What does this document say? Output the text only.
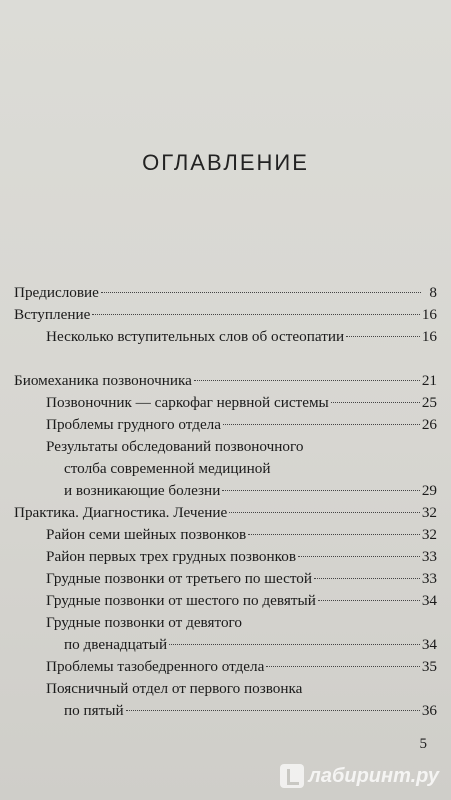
ОГЛАВЛЕНИЕ
Предисловие	8
Вступление	16
Несколько вступительных слов об остеопатии	16
Биомеханика позвоночника	21
Позвоночник — саркофаг нервной системы	25
Проблемы грудного отдела	26
Результаты обследований позвоночного
столба современной медициной
и возникающие болезни	29
Практика. Диагностика. Лечение	32
Район семи шейных позвонков	32
Район первых трех грудных позвонков	33
Грудные позвонки от третьего по шестой	33
Грудные позвонки от шестого по девятый	34
Грудные позвонки от девятого
по двенадцатый	34
Проблемы тазобедренного отдела	35
Поясничный отдел от первого позвонка
по пятый	36
5
лабиринт.ру
